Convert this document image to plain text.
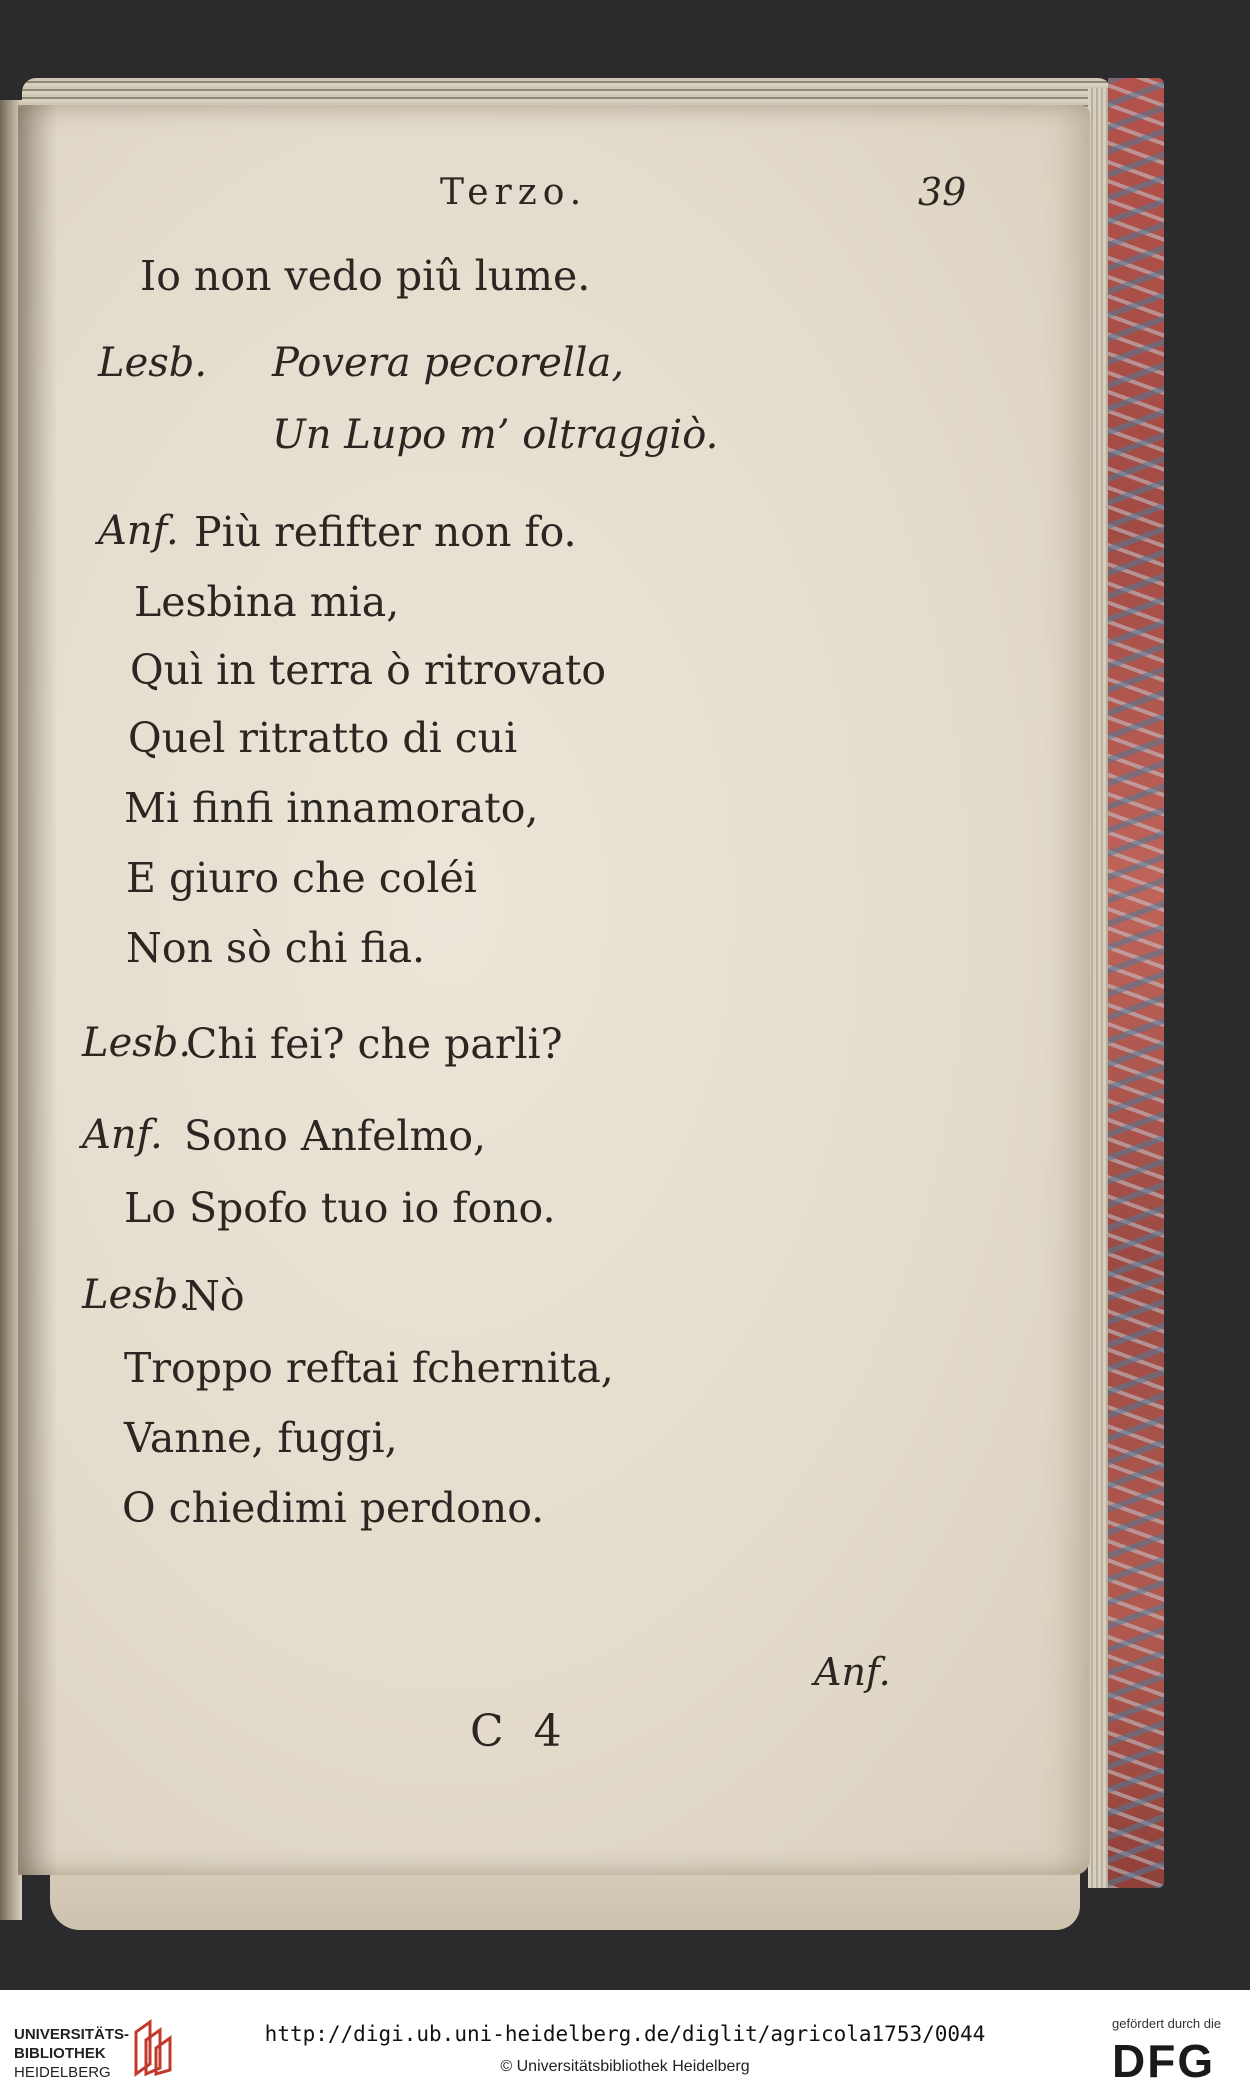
Terzo.	39
Io non vedo piû lume.
Lesb. Povera pecorella,
Un Lupo m’ oltraggiò.
Anf. Più refifter non fo.
Lesbina mia,
Quì in terra ò ritrovato
Quel ritratto di cui
Mi finfi innamorato,
E giuro che coléi
Non sò chi fia.
Lesb.
Chi fei? che parli?
Anf. Sono Anfelmo,
Lo Spofo tuo io fono.
Lesb.
Nò
Troppo reftai fchernita,
Vanne, fuggi,
O chiedimi perdono.
Anf.
C 4
UNIVERSITÄTS-
BIBLIOTHEK
HEIDELBERG
http://digi.ub.uni-heidelberg.de/diglit/agricola1753/0044
© Universitätsbibliothek Heidelberg
gefördert durch die
DFG
